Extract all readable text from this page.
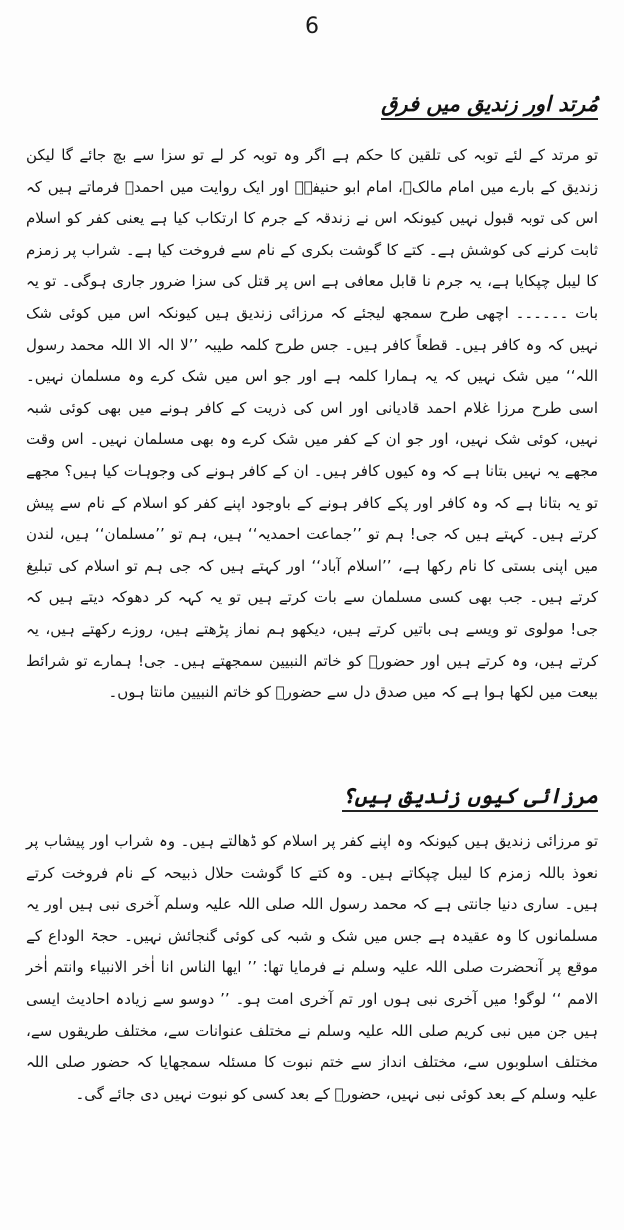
6
مُرتد اور زندیق میں فرق

تو مرتد کے لئے توبہ کی تلقین کا حکم ہے اگر وہ توبہ کر لے تو سزا سے بچ جائے گا لیکن زندیق کے بارے میں امام مالکؒ، امام ابو حنیفہؒ اور ایک روایت میں احمدؒ فرماتے ہیں کہ اس کی توبہ قبول نہیں کیونکہ اس نے زندقہ کے جرم کا ارتکاب کیا ہے یعنی کفر کو اسلام ثابت کرنے کی کوشش ہے۔ کتے کا گوشت بکری کے نام سے فروخت کیا ہے۔ شراب پر زمزم کا لیبل چپکایا ہے، یہ جرم نا قابل معافی ہے اس پر قتل کی سزا ضرور جاری ہوگی۔ تو یہ بات ۔۔۔۔۔۔ اچھی طرح سمجھ لیجئے کہ مرزائی زندیق ہیں کیونکہ اس میں کوئی شک نہیں کہ وہ کافر ہیں۔ قطعاً کافر ہیں۔ جس طرح کلمہ طیبہ ’’لا الہ الا اللہ محمد رسول اللہ‘‘ میں شک نہیں کہ یہ ہمارا کلمہ ہے اور جو اس میں شک کرے وہ مسلمان نہیں۔ اسی طرح مرزا غلام احمد قادیانی اور اس کی ذریت کے کافر ہونے میں بھی کوئی شبہ نہیں، کوئی شک نہیں، اور جو ان کے کفر میں شک کرے وہ بھی مسلمان نہیں۔ اس وقت مجھے یہ نہیں بتانا ہے کہ وہ کیوں کافر ہیں۔ ان کے کافر ہونے کی وجوہات کیا ہیں؟ مجھے تو یہ بتانا ہے کہ وہ کافر اور پکے کافر ہونے کے باوجود اپنے کفر کو اسلام کے نام سے پیش کرتے ہیں۔ کہتے ہیں کہ جی! ہم تو ’’جماعت احمدیہ‘‘ ہیں، ہم تو ’’مسلمان‘‘ ہیں، لندن میں اپنی بستی کا نام رکھا ہے، ’’اسلام آباد‘‘ اور کہتے ہیں کہ جی ہم تو اسلام کی تبلیغ کرتے ہیں۔ جب بھی کسی مسلمان سے بات کرتے ہیں تو یہ کہہ کر دھوکہ دیتے ہیں کہ جی! مولوی تو ویسے ہی باتیں کرتے ہیں، دیکھو ہم نماز پڑھتے ہیں، روزے رکھتے ہیں، یہ کرتے ہیں، وہ کرتے ہیں اور حضورؐ کو خاتم النبیین سمجھتے ہیں۔ جی! ہمارے تو شرائط بیعت میں لکھا ہوا ہے کہ میں صدق دل سے حضورؐ کو خاتم النبیین مانتا ہوں۔

مرزائی کیوں زندیق ہیں؟

تو مرزائی زندیق ہیں کیونکہ وہ اپنے کفر پر اسلام کو ڈھالتے ہیں۔ وہ شراب اور پیشاب پر نعوذ باللہ زمزم کا لیبل چپکاتے ہیں۔ وہ کتے کا گوشت حلال ذبیحہ کے نام فروخت کرتے ہیں۔ ساری دنیا جانتی ہے کہ محمد رسول اللہ صلی اللہ علیہ وسلم آخری نبی ہیں اور یہ مسلمانوں کا وہ عقیدہ ہے جس میں شک و شبہ کی کوئی گنجائش نہیں۔ حجۃ الوداع کے موقع پر آنحضرت صلی اللہ علیہ وسلم نے فرمایا تھا: ’’ ایھا الناس انا اٰخر الانبیاء وانتم اٰخر الامم ‘‘ لوگو! میں آخری نبی ہوں اور تم آخری امت ہو۔ ’’ دوسو سے زیادہ احادیث ایسی ہیں جن میں نبی کریم صلی اللہ علیہ وسلم نے مختلف عنوانات سے، مختلف طریقوں سے، مختلف اسلوبوں سے، مختلف انداز سے ختم نبوت کا مسئلہ سمجھایا کہ حضور صلی اللہ علیہ وسلم کے بعد کوئی نبی نہیں، حضورؐ کے بعد کسی کو نبوت نہیں دی جائے گی۔
